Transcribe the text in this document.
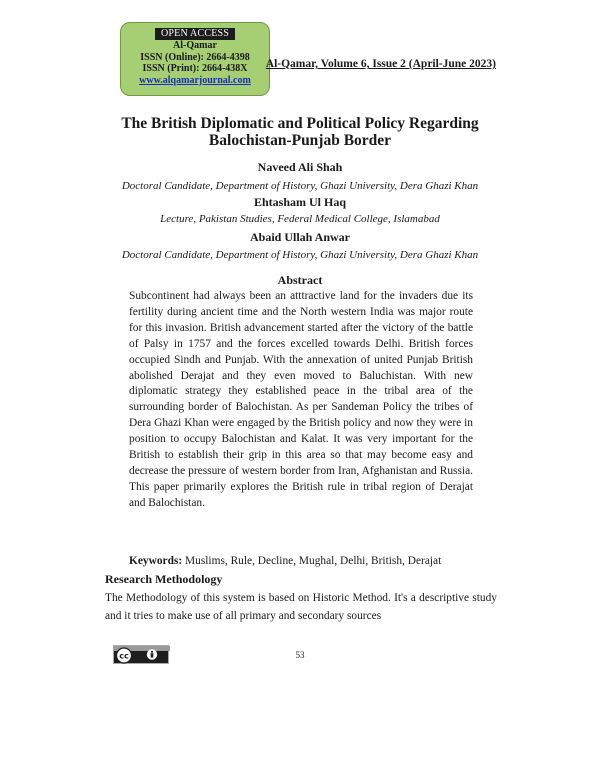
OPEN ACCESS
Al-Qamar
ISSN (Online): 2664-4398
ISSN (Print): 2664-438X
www.alqamarjournal.com
Al-Qamar, Volume 6, Issue 2 (April-June 2023)
The British Diplomatic and Political Policy Regarding
Balochistan-Punjab Border
Naveed Ali Shah
Doctoral Candidate, Department of History, Ghazi University, Dera Ghazi Khan
Ehtasham Ul Haq
Lecture, Pakistan Studies, Federal Medical College, Islamabad
Abaid Ullah Anwar
Doctoral Candidate, Department of History, Ghazi University, Dera Ghazi Khan
Abstract
Subcontinent had always been an atttractive land for the invaders due its fertility during ancient time and the North western India was major route for this invasion. British advancement started after the victory of the battle of Palsy in 1757 and the forces excelled towards Delhi. British forces occupied Sindh and Punjab. With the annexation of united Punjab British abolished Derajat and they even moved to Baluchistan. With new diplomatic strategy they established peace in the tribal area of the surrounding border of Balochistan. As per Sandeman Policy the tribes of Dera Ghazi Khan were engaged by the British policy and now they were in position to occupy Balochistan and Kalat. It was very important for the British to establish their grip in this area so that may become easy and decrease the pressure of western border from Iran, Afghanistan and Russia. This paper primarily explores the British rule in tribal region of Derajat and Balochistan.
Keywords: Muslims, Rule, Decline, Mughal, Delhi, British, Derajat
Research Methodology
The Methodology of this system is based on Historic Method. It's a descriptive study and it tries to make use of all primary and secondary sources
cc	53
